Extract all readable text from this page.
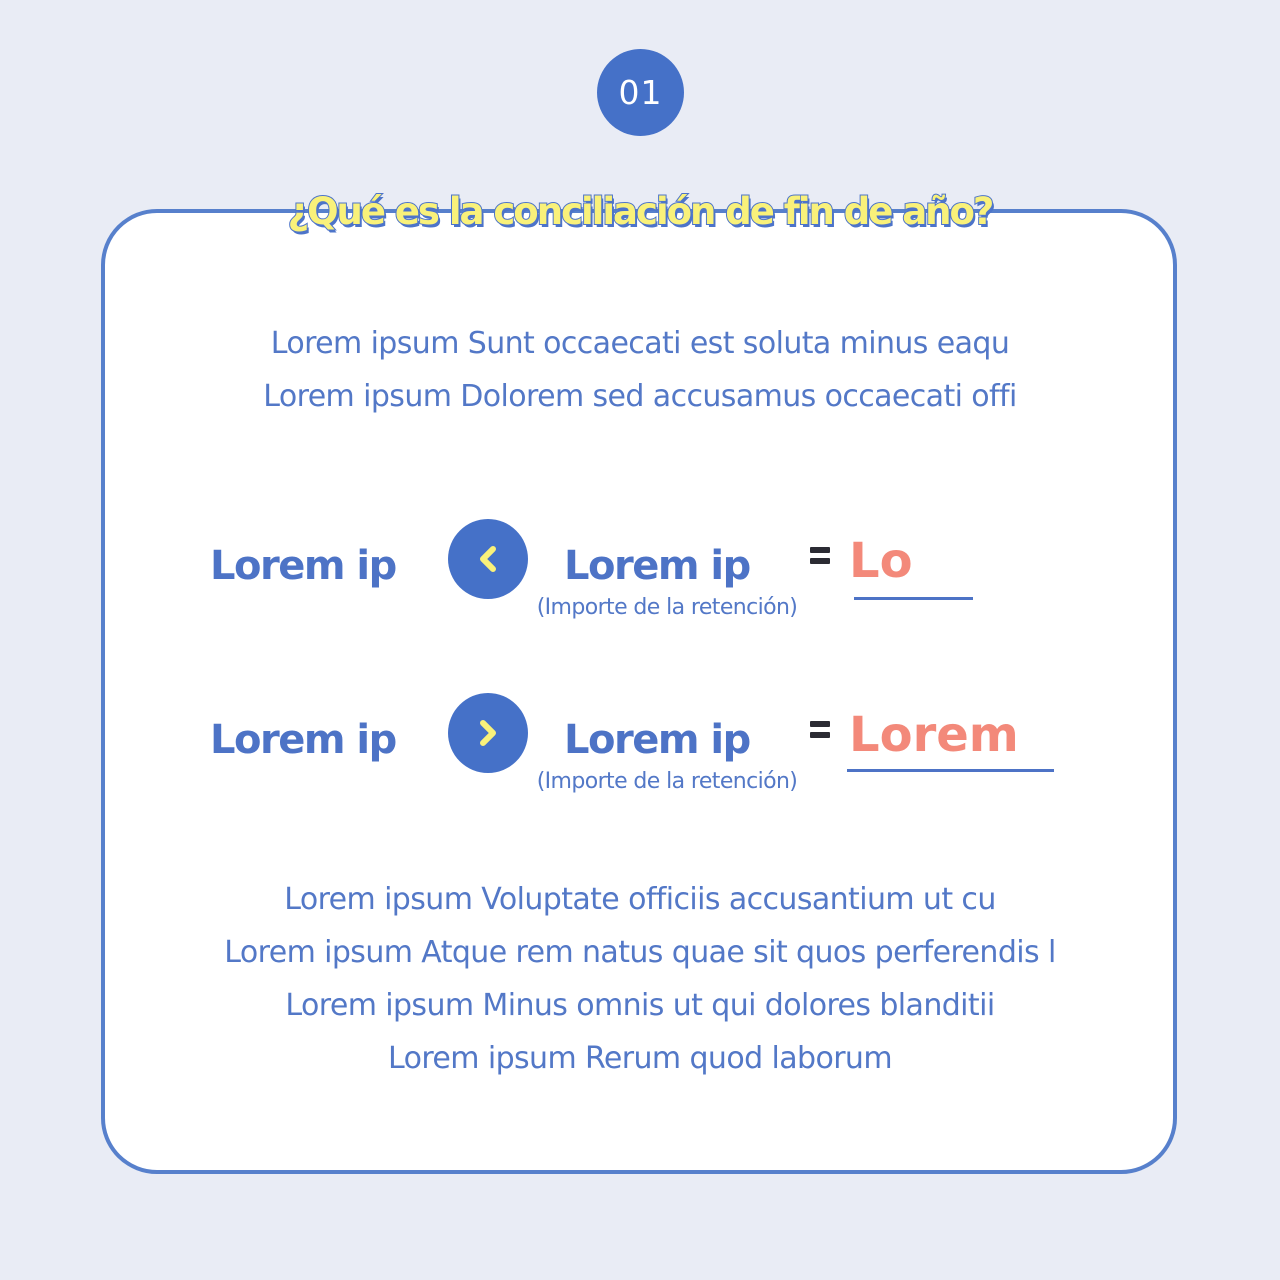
01
¿Qué es la conciliación de fin de año?
Lorem ipsum Sunt occaecati est soluta minus eaqu
Lorem ipsum Dolorem sed accusamus occaecati offi
Lorem ip	Lorem ip
(Importe de la retención)
Lo
Lorem ip	Lorem ip
(Importe de la retención)
Lorem
Lorem ipsum Voluptate officiis accusantium ut cu
Lorem ipsum Atque rem natus quae sit quos perferendis l
Lorem ipsum Minus omnis ut qui dolores blanditii
Lorem ipsum Rerum quod laborum
